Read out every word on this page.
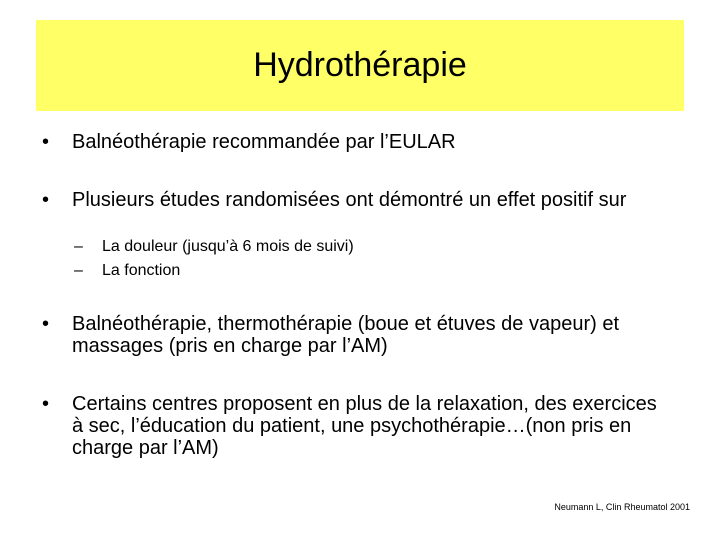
Hydrothérapie
•	Balnéothérapie recommandée par l’EULAR
•	Plusieurs études randomisées ont démontré un effet positif sur
– La douleur (jusqu’à 6 mois de suivi)
– La fonction
•	Balnéothérapie, thermothérapie (boue et étuves de vapeur) et massages (pris en charge par l’AM)
•	Certains centres proposent en plus de la relaxation, des exercices à sec, l’éducation du patient, une psychothérapie…(non pris en charge par l’AM)
Neumann L, Clin Rheumatol 2001
